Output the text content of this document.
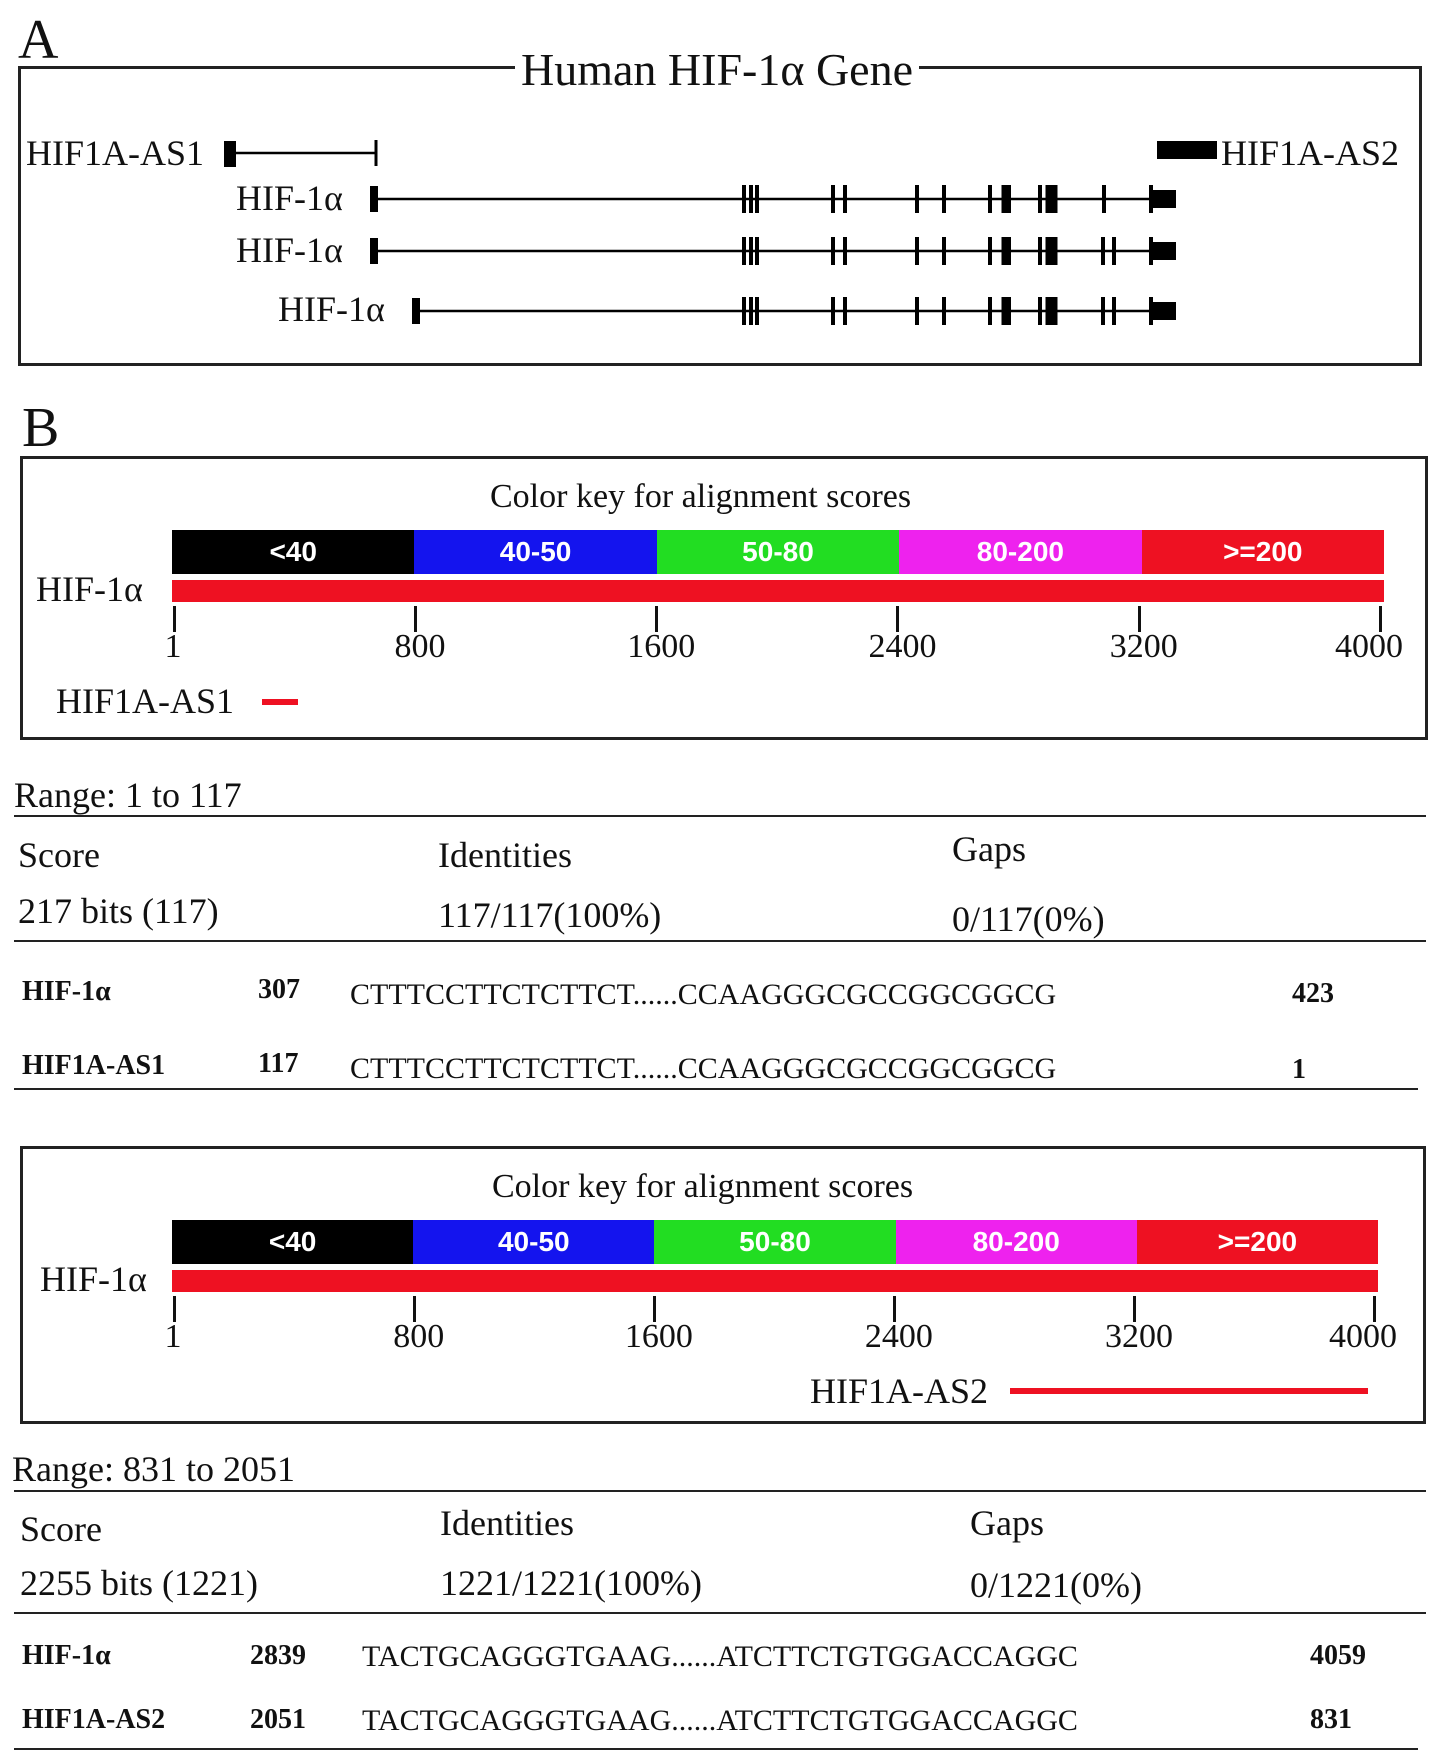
A	Human HIF-1α Gene
HIF1A-AS1
HIF-1α
HIF-1α
HIF-1α
HIF1A-AS2
B
Color key for alignment scores
<40	40-50	50-80	80-200	>=200
HIF-1α
1	800	1600	2400	3200	4000
HIF1A-AS1
Range: 1 to 117
Score	Identities	Gaps
217 bits (117)	117/117(100%)	0/117(0%)
HIF-1α	307 CTTTCCTTCTCTTCT......CCAAGGGCGCCGGCGGCG	423
HIF1A-AS1	117 CTTTCCTTCTCTTCT......CCAAGGGCGCCGGCGGCG	1
Color key for alignment scores
<40	40-50	50-80	80-200	>=200
HIF-1α
1	800	1600	2400	3200	4000
HIF1A-AS2
Range: 831 to 2051
Score	Identities	Gaps
2255 bits (1221)	1221/1221(100%)	0/1221(0%)
HIF-1α	2839 TACTGCAGGGTGAAG......ATCTTCTGTGGACCAGGC	4059
HIF1A-AS2	2051 TACTGCAGGGTGAAG......ATCTTCTGTGGACCAGGC	831
